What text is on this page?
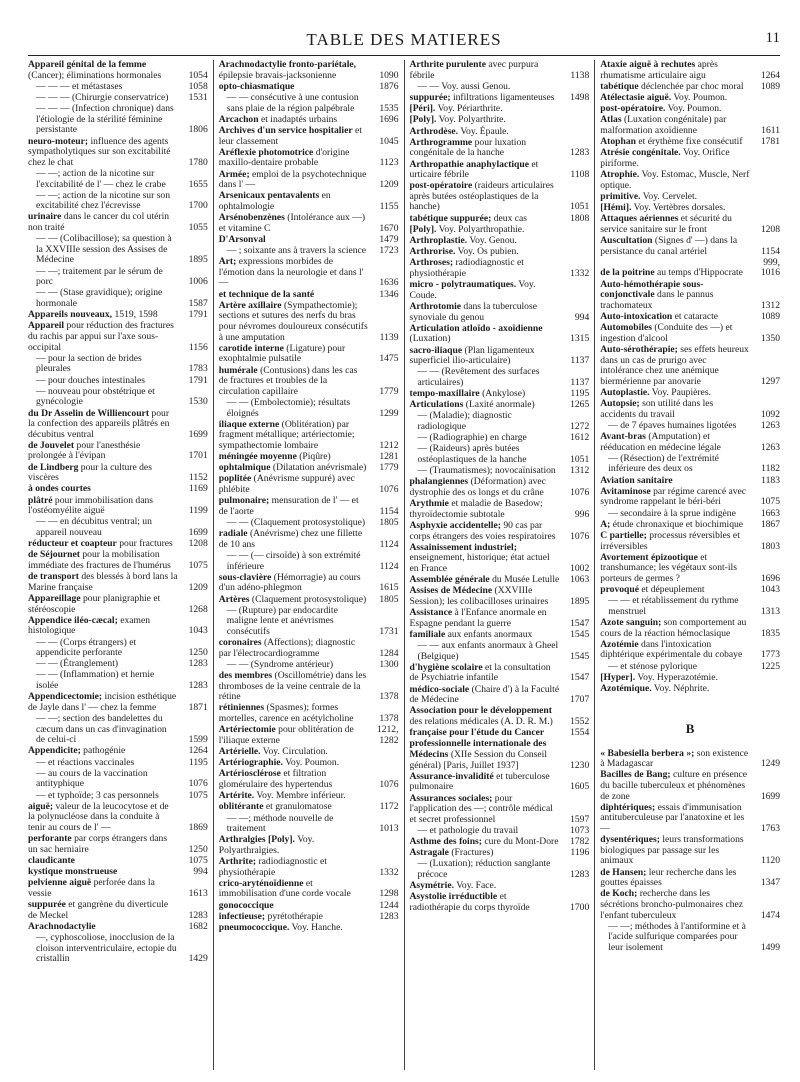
TABLE DES MATIERES	11
Appareil génital de la femme (Cancer); éliminations hormonales	1054
— — — et métastases	1058
— — — (Chirurgie conservatrice)	1531
— — — (Infection chronique) dans l'étiologie de la stérilité féminine persistante	1806
neuro-moteur; influence des agents sympatholytiques sur son excitabilité chez le chat	1780
— —; action de la nicotine sur l'excitabilité de l' — chez le crabe	1655
— —; action de la nicotine sur son excitabilité chez l'écrevisse	1700
urinaire dans le cancer du col utérin non traité	1055
— — (Colibacillose); sa question à la XXVIIIe session des Assises de Médecine	1895
— —; traitement par le sérum de porc	1006
— — (Stase gravidique); origine hormonale	1587
Appareils nouveaux, 1519, 1598	1791
Appareil pour réduction des fractures du rachis par appui sur l'axe sous-occipital	1156
— pour la section de brides pleurales	1783
— pour douches intestinales	1791
— nouveau pour obstétrique et gynécologie	1530
du Dr Asselin de Williencourt pour la confection des appareils plâtrés en décubitus ventral	1699
de Jouvelet pour l'anesthésie prolongée à l'évipan	1701
de Lindberg pour la culture des viscères	1152
à ondes courtes	1169
plâtré pour immobilisation dans l'ostéomyélite aiguë	1199
— — en décubitus ventral; un appareil nouveau	1699
réducteur et coapteur pour fractures	1208
de Séjournet pour la mobilisation immédiate des fractures de l'humérus	1075
de transport des blessés à bord lans la Marine française	1209
Appareillage pour planigraphie et stéréoscopie	1268
Appendice iléo-cæcal; examen histologique	1043
— — (Corps étrangers) et appendicite perforante	1250
— — (Étranglement)	1283
— — (Inflammation) et hernie isolée	1283
Appendicectomie; incision esthétique de Jayle dans l' — chez la femme	1871
— —; section des bandelettes du cæcum dans un cas d'invagination de celui-ci	1599
Appendicite; pathogénie	1264
— et réactions vaccinales	1195
— au cours de la vaccination antityphique	1076
— et typhoïde; 3 cas personnels	1075
aiguë; valeur de la leucocytose et de la polynucléose dans la conduite à tenir au cours de l' —	1869
perforante par corps étrangers dans un sac herniaire	1250
claudicante	1075
kystique monstrueuse	994
pelvienne aiguë perforée dans la vessie	1613
suppurée et gangrène du diverticule de Meckel	1283
Arachnodactylie	1682
—, cyphoscoliose, inocclusion de la cloison interventriculaire, ectopie du cristallin	1429
Arachnodactylie fronto-pariétale, épilepsie bravais-jacksonienne	1090
opto-chiasmatique	1876
— — consécutive à une contusion sans plaie de la région palpébrale	1535
Arcachon et inadaptés urbains	1696
Archives d'un service hospitalier et leur classement	1045
Aréflexie photomotrice d'origine maxillo-dentaire probable	1123
Armée; emploi de la psychotechnique dans l' —	1209
Arsenicaux pentavalents en ophtalmologie	1155
Arsénobenzènes (Intolérance aux —) et vitamine C	1670
D'Arsonval	1479
— ; soixante ans à travers la science	1723
Art; expressions morbides de l'émotion dans la neurologie et dans l' —	1636
et technique de la santé	1346
Artère axillaire (Sympathectomie); sections et sutures des nerfs du bras pour névromes douloureux consécutifs à une amputation	1139
carotide interne (Ligature) pour exophtalmie pulsatile	1475
humérale (Contusions) dans les cas de fractures et troubles de la circulation capillaire	1779
— — (Embolectomie); résultats éloignés	1299
iliaque externe (Oblitération) par fragment métallique; artériectomie; sympathectomie lombaire	1212
méningée moyenne (Piqûre)	1281
ophtalmique (Dilatation anévrismale)	1779
poplitée (Anévrisme suppuré) avec phlébite	1076
pulmonaire; mensuration de l' — et de l'aorte	1154
— — (Claquement protosystolique)	1805
radiale (Anévrisme) chez une fillette de 10 ans	1124
— — (— cirsoïde) à son extrémité inférieure	1124
sous-clavière (Hémorragie) au cours d'un adéno-phlegmon	1615
Artères (Claquement protosystolique)	1805
— (Rupture) par endocardite maligne lente et anévrismes consécutifs	1731
coronaires (Affections); diagnostic par l'électrocardiogramme	1284
— — (Syndrome antérieur)	1300
des membres (Oscillométrie) dans les thromboses de la veine centrale de la rétine	1378
rétiniennes (Spasmes); formes mortelles, carence en acétylcholine	1378
Artériectomie pour oblitération de l'iliaque externe
1212, 1282
Artérielle. Voy. Circulation.
Artériographie. Voy. Poumon.
Artériosclérose et filtration glomérulaire des hypertendus	1076
Artérite. Voy. Membre inférieur.
oblitérante et granulomatose	1172
— —; méthode nouvelle de traitement	1013
Arthralgies [Poly]. Voy. Polyarthralgies.
Arthrite; radiodiagnostic et physiothérapie	1332
crico-aryténoïdienne et immobilisation d'une corde vocale	1298
gonococcique	1244
infectieuse; pyrétothérapie	1283
pneumococcique. Voy. Hanche.
Arthrite purulente avec purpura fébrile	1138
— — Voy. aussi Genou.
suppurée; infiltrations ligamenteuses	1498
[Péri]. Voy. Périarthrite.
[Poly]. Voy. Polyarthrite.
Arthrodèse. Voy. Épaule.
Arthrogramme pour luxation congénitale de la hanche	1283
Arthropathie anaphylactique et urticaire fébrile	1108
post-opératoire (raideurs articulaires après butées ostéoplastiques de la hanche)	1051
tabétique suppurée; deux cas	1808
[Poly]. Voy. Polyarthropathie.
Arthroplastie. Voy. Genou.
Arthrorise. Voy. Os pubien.
Arthroses; radiodiagnostic et physiothérapie	1332
micro - polytraumatiques. Voy. Coude.
Arthrotomie dans la tuberculose synoviale du genou	994
Articulation atloïdo - axoïdienne (Luxation)	1315
sacro-iliaque (Plan ligamenteux superficiel ilio-articulaire)	1137
— — (Revêtement des surfaces articulaires)	1137
tempo-maxillaire (Ankylose)	1195
Articulations (Laxité anormale)	1265
— (Maladie); diagnostic radiologique	1272
— (Radiographie) en charge	1612
— (Raideurs) après butées ostéoplastiques de la hanche	1051
— (Traumatismes); novocaïnisation	1312
phalangiennes (Déformation) avec dystrophie des os longs et du crâne	1076
Arythmie et maladie de Basedow; thyroïdectomie subtotale	996
Asphyxie accidentelle; 90 cas par corps étrangers des voies respiratoires	1076
Assainissement industriel; enseignement, historique; état actuel en France	1002
Assemblée générale du Musée Letulle	1063
Assises de Médecine (XXVIIIe Session); les colibacilloses urinaires	1895
Assistance à l'Enfance anormale en Espagne pendant la guerre	1547
familiale aux enfants anormaux	1545
— — aux enfants anormaux à Gheel (Belgique)	1545
d'hygiène scolaire et la consultation de Psychiatrie infantile	1547
médico-sociale (Chaire d') à la Faculté de Médecine	1707
Association pour le développement des relations médicales (A. D. R. M.)	1552
française pour l'étude du Cancer	1554
professionnelle internationale des Médecins (XIIe Session du Conseil général) [Paris, Juillet 1937]	1230
Assurance-invalidité et tuberculose pulmonaire	1605
Assurances sociales; pour l'application des —; contrôle médical et secret professionnel	1597
— et pathologie du travail	1073
Asthme des foins; cure du Mont-Dore	1782
Astragale (Fractures)	1196
— (Luxation); réduction sanglante précoce	1283
Asymétrie. Voy. Face.
Asystolie irréductible et radiothérapie du corps thyroïde	1700
Ataxie aiguë à rechutes après rhumatisme articulaire aigu	1264
tabétique déclenchée par choc moral	1089
Atélectasie aiguë. Voy. Poumon.
post-opératoire. Voy. Poumon.
Atlas (Luxation congénitale) par malformation axoïdienne	1611
Atophan et érythème fixe consécutif	1781
Atrésie congénitale. Voy. Orifice piriforme.
Atrophie. Voy. Estomac, Muscle, Nerf optique.
primitive. Voy. Cervelet.
[Hémi]. Voy. Vertèbres dorsales.
Attaques aériennes et sécurité du service sanitaire sur le front	1208
Auscultation (Signes d' —) dans la persistance du canal artériel	1154
de la poitrine au temps d'Hippocrate
999, 1016
Auto-hémothérapie sous-conjonctivale dans le pannus trachomateux	1312
Auto-intoxication et cataracte	1089
Automobiles (Conduite des —) et ingestion d'alcool	1350
Auto-sérothérapie; ses effets heureux dans un cas de prurigo avec intolérance chez une anémique biermérienne par anovarie	1297
Autoplastie. Voy. Paupières.
Autopsie; son utilité dans les accidents du travail	1092
— de 7 épaves humaines ligotées	1263
Avant-bras (Amputation) et rééducation en médecine légale	1263
— (Résection) de l'extrémité inférieure des deux os	1182
Aviation sanitaire	1183
Avitaminose par régime carencé avec syndrome rappelant le béri-béri	1075
— secondaire à la sprue indigène	1663
A; étude chronaxique et biochimique	1867
C partielle; processus réversibles et irréversibles	1803
Avortement épizootique et transhumance; les végétaux sont-ils porteurs de germes ?	1696
provoqué et dépeuplement	1043
— — et rétablissement du rythme menstruel	1313
Azote sanguin; son comportement au cours de la réaction hémoclasique	1835
Azotémie dans l'intoxication diphtérique expérimentale du cobaye	1773
— et sténose pylorique	1225
[Hyper]. Voy. Hyperazotémie.
Azotémique. Voy. Néphrite.
B
« Babesiella berbera »; son existence à Madagascar	1249
Bacilles de Bang; culture en présence du bacille tuberculeux et phénomènes de zone	1699
diphtériques; essais d'immunisation antituberculeuse par l'anatoxine et les —	1763
dysentériques; leurs transformations biologiques par passage sur les animaux	1120
de Hansen; leur recherche dans les gouttes épaisses	1347
de Koch; recherche dans les sécrétions broncho-pulmonaires chez l'enfant tuberculeux	1474
— —; méthodes à l'antiformine et à l'acide sulfurique comparées pour leur isolement	1499
